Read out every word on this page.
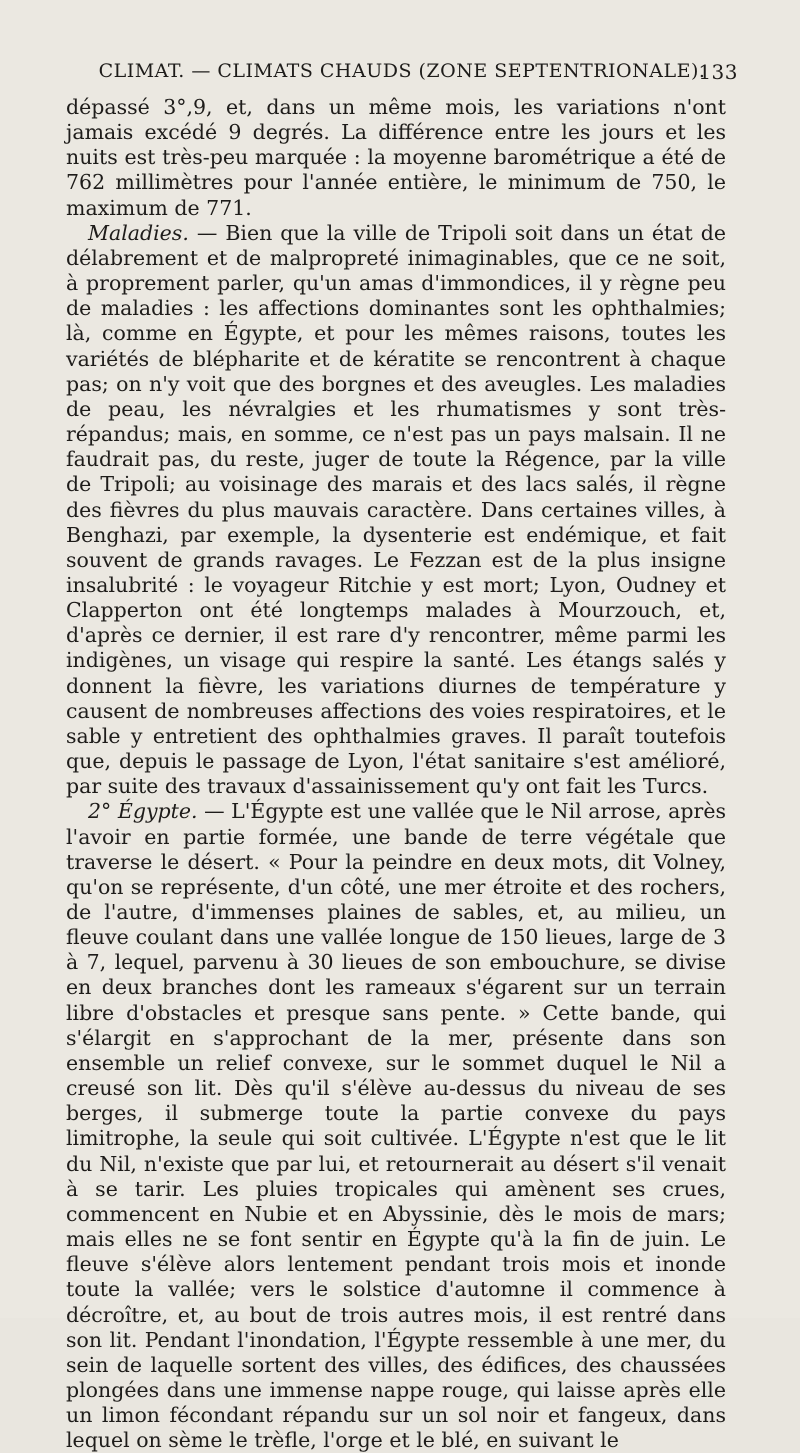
CLIMAT. — CLIMATS CHAUDS (ZONE SEPTENTRIONALE).
133

dépassé 3°,9, et, dans un même mois, les variations n'ont jamais excédé 9 degrés. La différence entre les jours et les nuits est très-peu marquée : la moyenne barométrique a été de 762 millimètres pour l'année entière, le minimum de 750, le maximum de 771.

Maladies. — Bien que la ville de Tripoli soit dans un état de délabrement et de malpropreté inimaginables, que ce ne soit, à proprement parler, qu'un amas d'immondices, il y règne peu de maladies : les affections dominantes sont les ophthalmies; là, comme en Égypte, et pour les mêmes raisons, toutes les variétés de blépharite et de kératite se rencontrent à chaque pas; on n'y voit que des borgnes et des aveugles. Les maladies de peau, les névralgies et les rhumatismes y sont très-répandus; mais, en somme, ce n'est pas un pays malsain. Il ne faudrait pas, du reste, juger de toute la Régence, par la ville de Tripoli; au voisinage des marais et des lacs salés, il règne des fièvres du plus mauvais caractère. Dans certaines villes, à Benghazi, par exemple, la dysenterie est endémique, et fait souvent de grands ravages. Le Fezzan est de la plus insigne insalubrité : le voyageur Ritchie y est mort; Lyon, Oudney et Clapperton ont été longtemps malades à Mourzouch, et, d'après ce dernier, il est rare d'y rencontrer, même parmi les indigènes, un visage qui respire la santé. Les étangs salés y donnent la fièvre, les variations diurnes de température y causent de nombreuses affections des voies respiratoires, et le sable y entretient des ophthalmies graves. Il paraît toutefois que, depuis le passage de Lyon, l'état sanitaire s'est amélioré, par suite des travaux d'assainissement qu'y ont fait les Turcs.

2° Égypte. — L'Égypte est une vallée que le Nil arrose, après l'avoir en partie formée, une bande de terre végétale que traverse le désert. « Pour la peindre en deux mots, dit Volney, qu'on se représente, d'un côté, une mer étroite et des rochers, de l'autre, d'immenses plaines de sables, et, au milieu, un fleuve coulant dans une vallée longue de 150 lieues, large de 3 à 7, lequel, parvenu à 30 lieues de son embouchure, se divise en deux branches dont les rameaux s'égarent sur un terrain libre d'obstacles et presque sans pente. » Cette bande, qui s'élargit en s'approchant de la mer, présente dans son ensemble un relief convexe, sur le sommet duquel le Nil a creusé son lit. Dès qu'il s'élève au-dessus du niveau de ses berges, il submerge toute la partie convexe du pays limitrophe, la seule qui soit cultivée. L'Égypte n'est que le lit du Nil, n'existe que par lui, et retournerait au désert s'il venait à se tarir. Les pluies tropicales qui amènent ses crues, commencent en Nubie et en Abyssinie, dès le mois de mars; mais elles ne se font sentir en Égypte qu'à la fin de juin. Le fleuve s'élève alors lentement pendant trois mois et inonde toute la vallée; vers le solstice d'automne il commence à décroître, et, au bout de trois autres mois, il est rentré dans son lit. Pendant l'inondation, l'Égypte ressemble à une mer, du sein de laquelle sortent des villes, des édifices, des chaussées plongées dans une immense nappe rouge, qui laisse après elle un limon fécondant répandu sur un sol noir et fangeux, dans lequel on sème le trèfle, l'orge et le blé, en suivant le
